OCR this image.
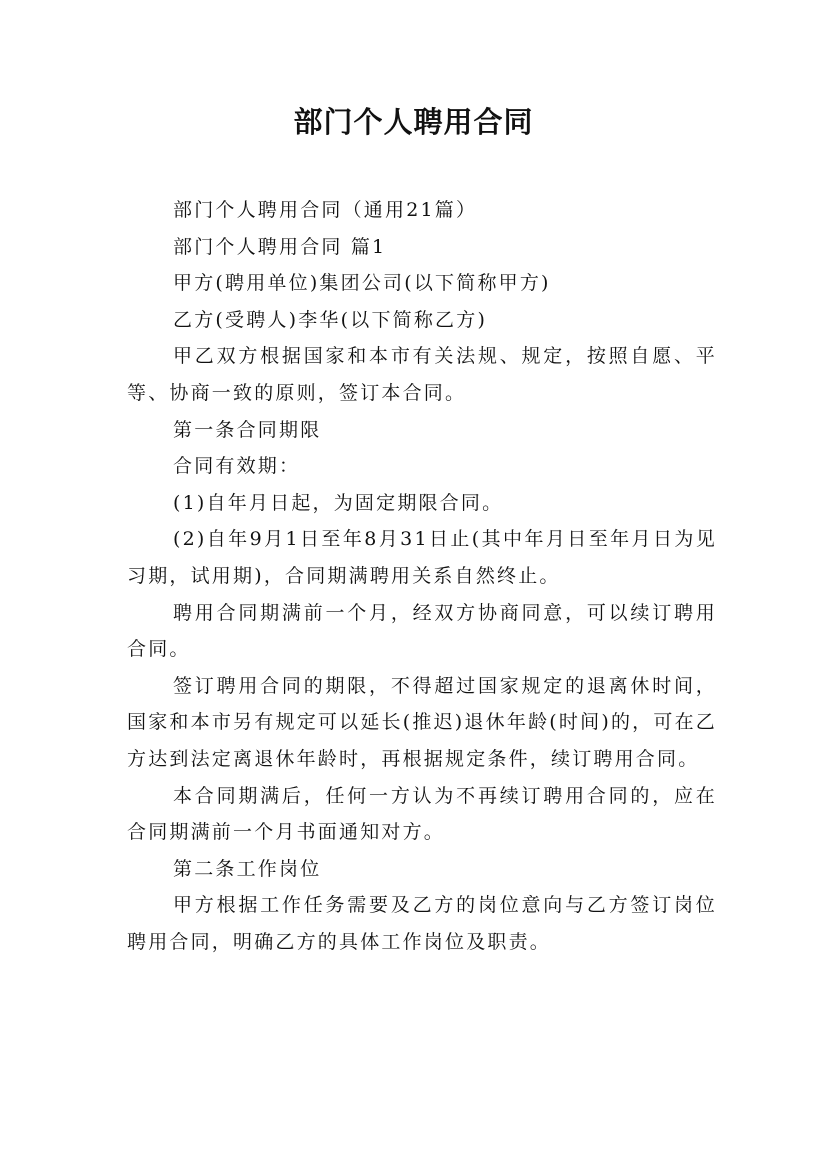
部门个人聘用合同

部门个人聘用合同（通用21篇）

部门个人聘用合同 篇1

甲方(聘用单位)集团公司(以下简称甲方)

乙方(受聘人)李华(以下简称乙方)

甲乙双方根据国家和本市有关法规、规定，按照自愿、平等、协商一致的原则，签订本合同。

第一条合同期限

合同有效期：

(1)自年月日起，为固定期限合同。

(2)自年9月1日至年8月31日止(其中年月日至年月日为见习期，试用期)，合同期满聘用关系自然终止。

聘用合同期满前一个月，经双方协商同意，可以续订聘用合同。

签订聘用合同的期限，不得超过国家规定的退离休时间，国家和本市另有规定可以延长(推迟)退休年龄(时间)的，可在乙方达到法定离退休年龄时，再根据规定条件，续订聘用合同。

本合同期满后，任何一方认为不再续订聘用合同的，应在合同期满前一个月书面通知对方。

第二条工作岗位

甲方根据工作任务需要及乙方的岗位意向与乙方签订岗位聘用合同，明确乙方的具体工作岗位及职责。
